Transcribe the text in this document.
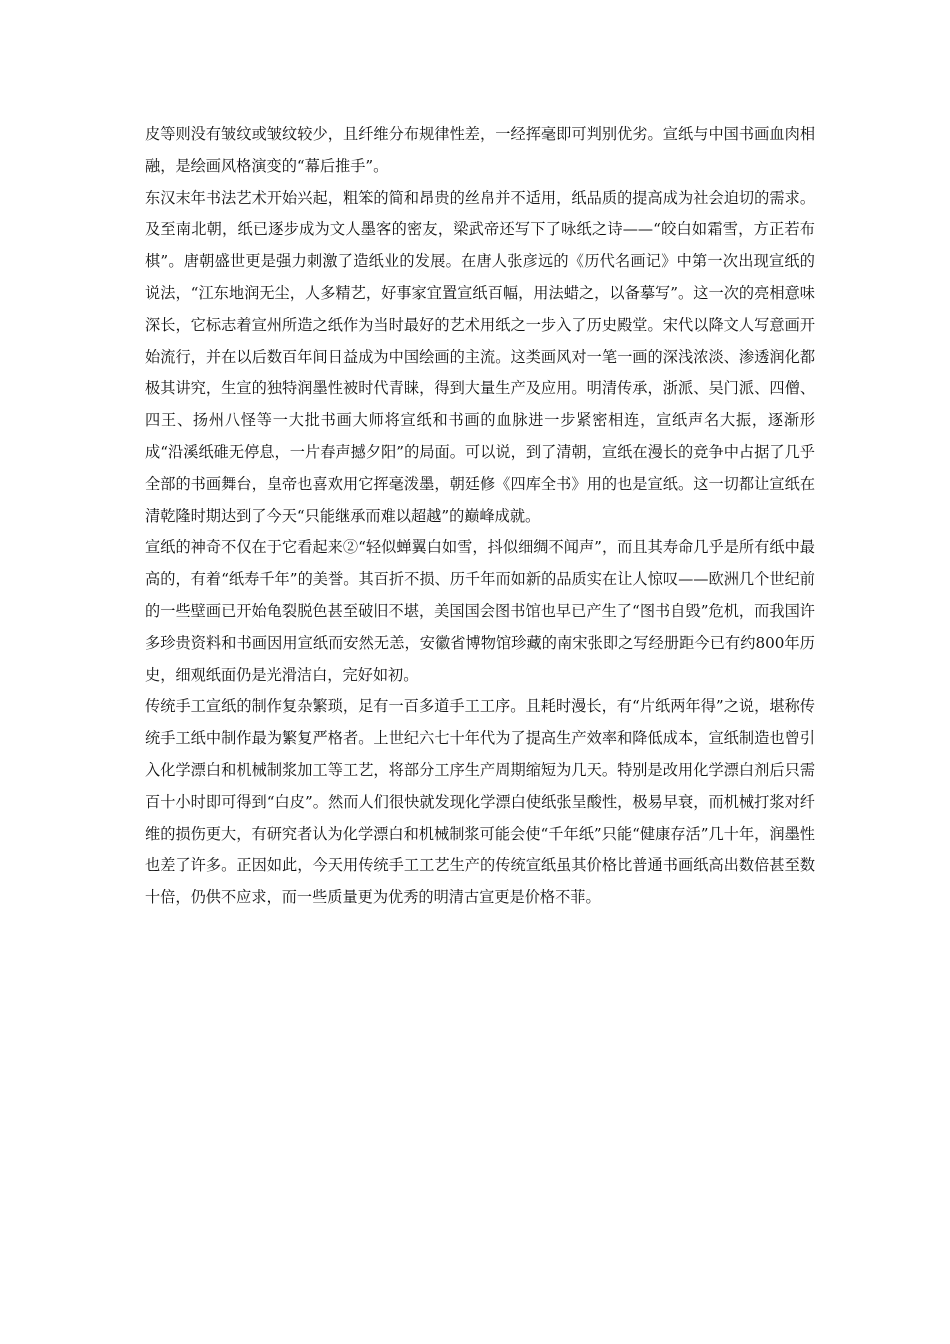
皮等则没有皱纹或皱纹较少，且纤维分布规律性差，一经挥毫即可判别优劣。宣纸与中国书画血肉相融，是绘画风格演变的“幕后推手”。

东汉末年书法艺术开始兴起，粗笨的简和昂贵的丝帛并不适用，纸品质的提高成为社会迫切的需求。及至南北朝，纸已逐步成为文人墨客的密友，梁武帝还写下了咏纸之诗——“皎白如霜雪，方正若布棋”。唐朝盛世更是强力刺激了造纸业的发展。在唐人张彦远的《历代名画记》中第一次出现宣纸的说法，“江东地润无尘，人多精艺，好事家宜置宣纸百幅，用法蜡之，以备摹写”。这一次的亮相意味深长，它标志着宣州所造之纸作为当时最好的艺术用纸之一步入了历史殿堂。宋代以降文人写意画开始流行，并在以后数百年间日益成为中国绘画的主流。这类画风对一笔一画的深浅浓淡、渗透润化都极其讲究，生宣的独特润墨性被时代青睐，得到大量生产及应用。明清传承，浙派、吴门派、四僧、四王、扬州八怪等一大批书画大师将宣纸和书画的血脉进一步紧密相连，宣纸声名大振，逐渐形成“沿溪纸碓无停息，一片春声撼夕阳”的局面。可以说，到了清朝，宣纸在漫长的竞争中占据了几乎全部的书画舞台，皇帝也喜欢用它挥毫泼墨，朝廷修《四库全书》用的也是宣纸。这一切都让宣纸在清乾隆时期达到了今天“只能继承而难以超越”的巅峰成就。

宣纸的神奇不仅在于它看起来②“轻似蝉翼白如雪，抖似细绸不闻声”，而且其寿命几乎是所有纸中最高的，有着“纸寿千年”的美誉。其百折不损、历千年而如新的品质实在让人惊叹——欧洲几个世纪前的一些壁画已开始龟裂脱色甚至破旧不堪，美国国会图书馆也早已产生了“图书自毁”危机，而我国许多珍贵资料和书画因用宣纸而安然无恙，安徽省博物馆珍藏的南宋张即之写经册距今已有约800年历史，细观纸面仍是光滑洁白，完好如初。

传统手工宣纸的制作复杂繁琐，足有一百多道手工工序。且耗时漫长，有“片纸两年得”之说，堪称传统手工纸中制作最为繁复严格者。上世纪六七十年代为了提高生产效率和降低成本，宣纸制造也曾引入化学漂白和机械制浆加工等工艺，将部分工序生产周期缩短为几天。特别是改用化学漂白剂后只需百十小时即可得到“白皮”。然而人们很快就发现化学漂白使纸张呈酸性，极易早衰，而机械打浆对纤维的损伤更大，有研究者认为化学漂白和机械制浆可能会使“千年纸”只能“健康存活”几十年，润墨性也差了许多。正因如此，今天用传统手工工艺生产的传统宣纸虽其价格比普通书画纸高出数倍甚至数十倍，仍供不应求，而一些质量更为优秀的明清古宣更是价格不菲。
